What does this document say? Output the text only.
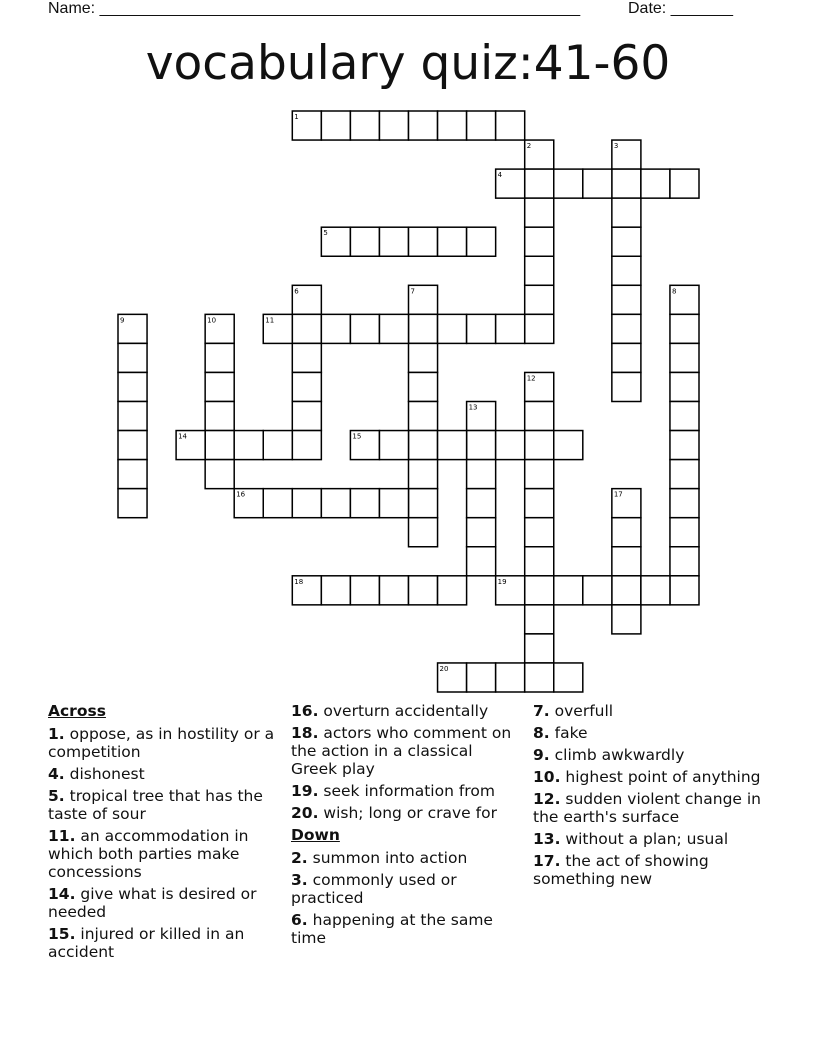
Name: ______________________________________________________	Date: _______
vocabulary quiz:41-60
1
2	3
4
5
6	7	8
9	10	11
12
13
14	15
16	17
18	19
20
Across
1. oppose, as in hostility or a competition
4. dishonest
5. tropical tree that has the taste of sour
11. an accommodation in which both parties make concessions
14. give what is desired or needed
15. injured or killed in an accident
16. overturn accidentally
18. actors who comment on the action in a classical Greek play
19. seek information from
20. wish; long or crave for
Down
2. summon into action
3. commonly used or practiced
6. happening at the same time
7. overfull
8. fake
9. climb awkwardly
10. highest point of anything
12. sudden violent change in the earth's surface
13. without a plan; usual
17. the act of showing something new
